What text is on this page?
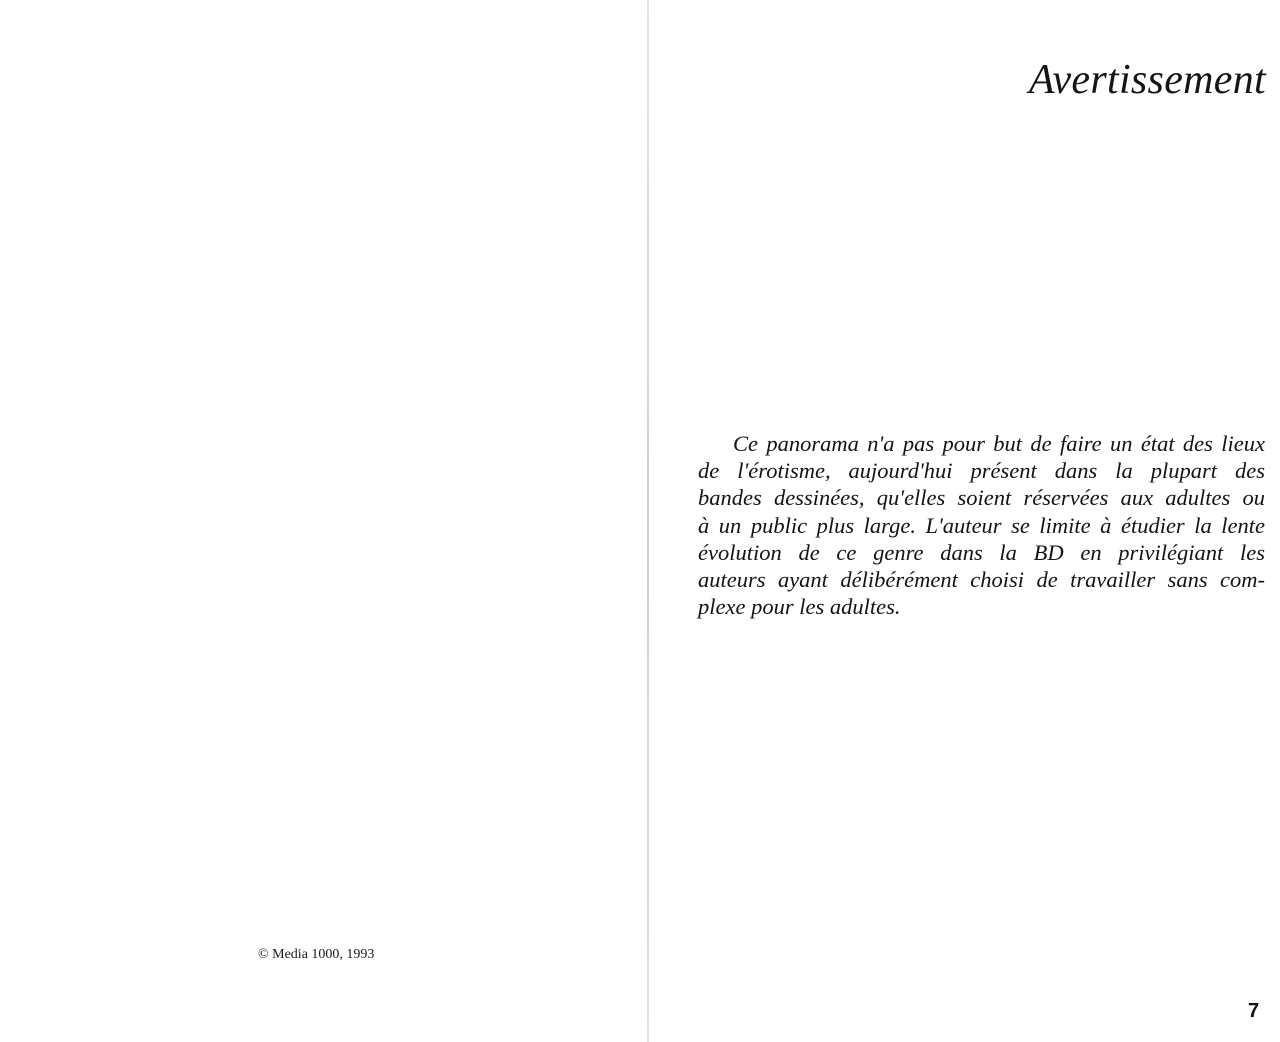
© Media 1000, 1993
Avertissement
Ce panorama n'a pas pour but de faire un état des lieux
de l'érotisme, aujourd'hui présent dans la plupart des
bandes dessinées, qu'elles soient réservées aux adultes ou
à un public plus large. L'auteur se limite à étudier la lente
évolution de ce genre dans la BD en privilégiant les
auteurs ayant délibérément choisi de travailler sans com-
plexe pour les adultes.
7
